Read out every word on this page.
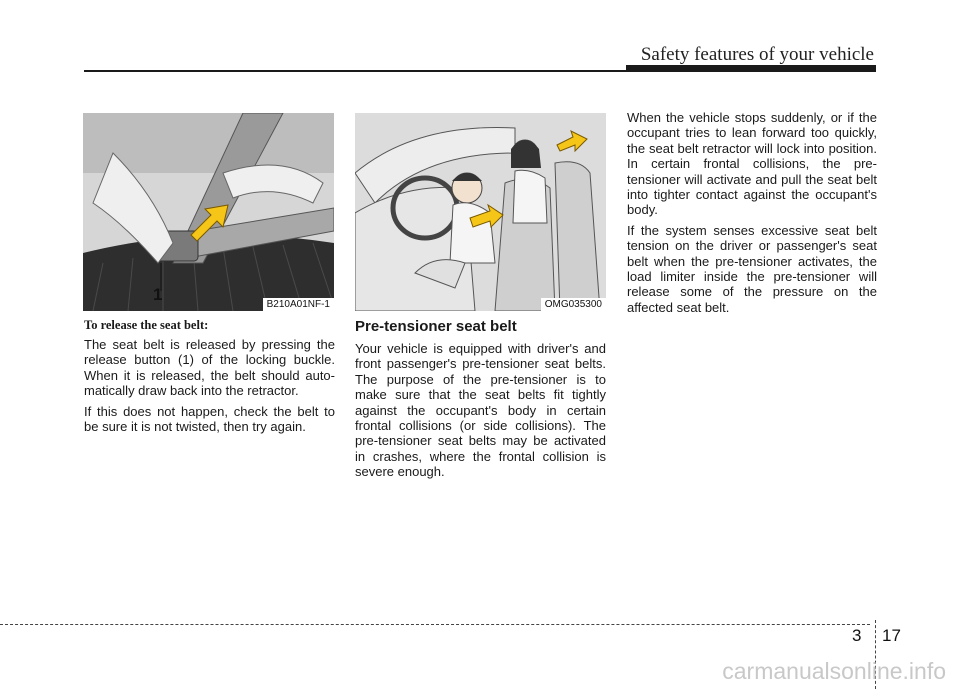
Safety features of your vehicle
1
B210A01NF-1	OMG035300

To release the seat belt:

The seat belt is released by pressing the release button (1) of the locking buckle. When it is released, the belt should auto-matically draw back into the retractor.

If this does not happen, check the belt to be sure it is not twisted, then try again.

Pre-tensioner seat belt

Your vehicle is equipped with driver's and front passenger's pre-tensioner seat belts. The purpose of the pre-tensioner is to make sure that the seat belts fit tightly against the occupant's body in certain frontal collisions (or side collisions). The pre-tensioner seat belts may be activated in crashes, where the frontal collision is severe enough.

When the vehicle stops suddenly, or if the occupant tries to lean forward too quickly, the seat belt retractor will lock into position. In certain frontal collisions, the pre-tensioner will activate and pull the seat belt into tighter contact against the occupant's body.

If the system senses excessive seat belt tension on the driver or passenger's seat belt when the pre-tensioner activates, the load limiter inside the pre-tensioner will release some of the pressure on the affected seat belt.

3 17
carmanualsonline.info
